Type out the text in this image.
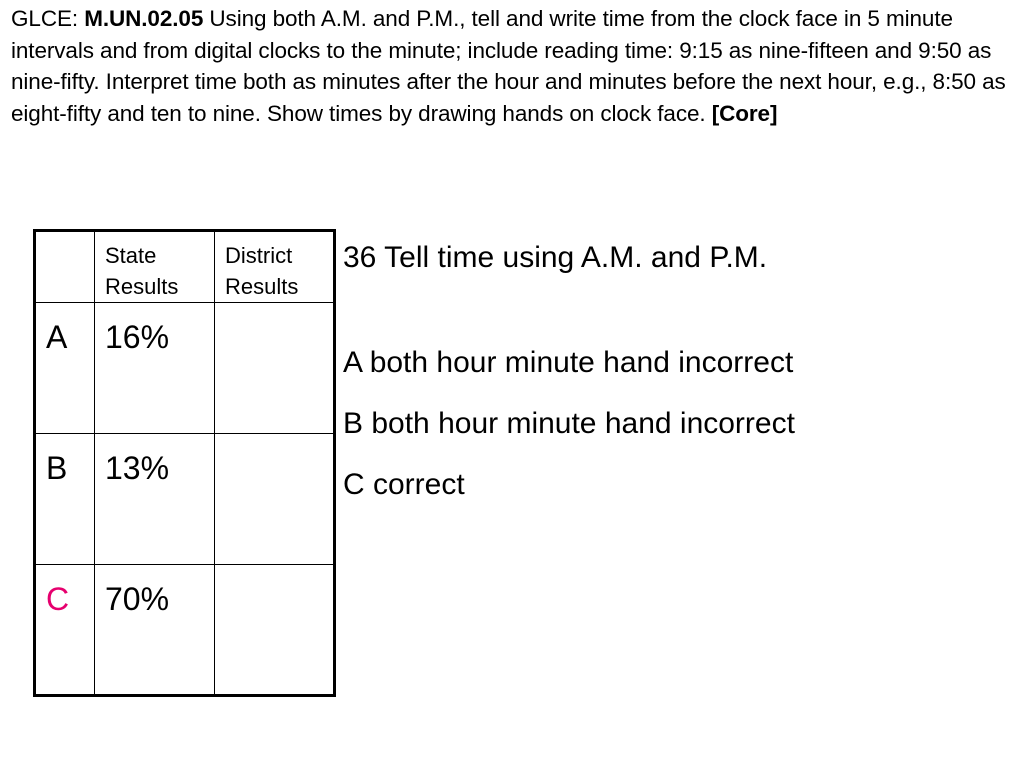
GLCE: M.UN.02.05 Using both A.M. and P.M., tell and write time from the clock face in 5 minute intervals and from digital clocks to the minute; include reading time: 9:15 as nine-fifteen and 9:50 as nine-fifty. Interpret time both as minutes after the hour and minutes before the next hour, e.g., 8:50 as eight-fifty and ten to nine. Show times by drawing hands on clock face. [Core]
	State Results	District Results
A	16%	
B	13%	
C	70%	
36 Tell time using A.M. and P.M.
A both hour minute hand incorrect
B both hour minute hand incorrect
C correct
